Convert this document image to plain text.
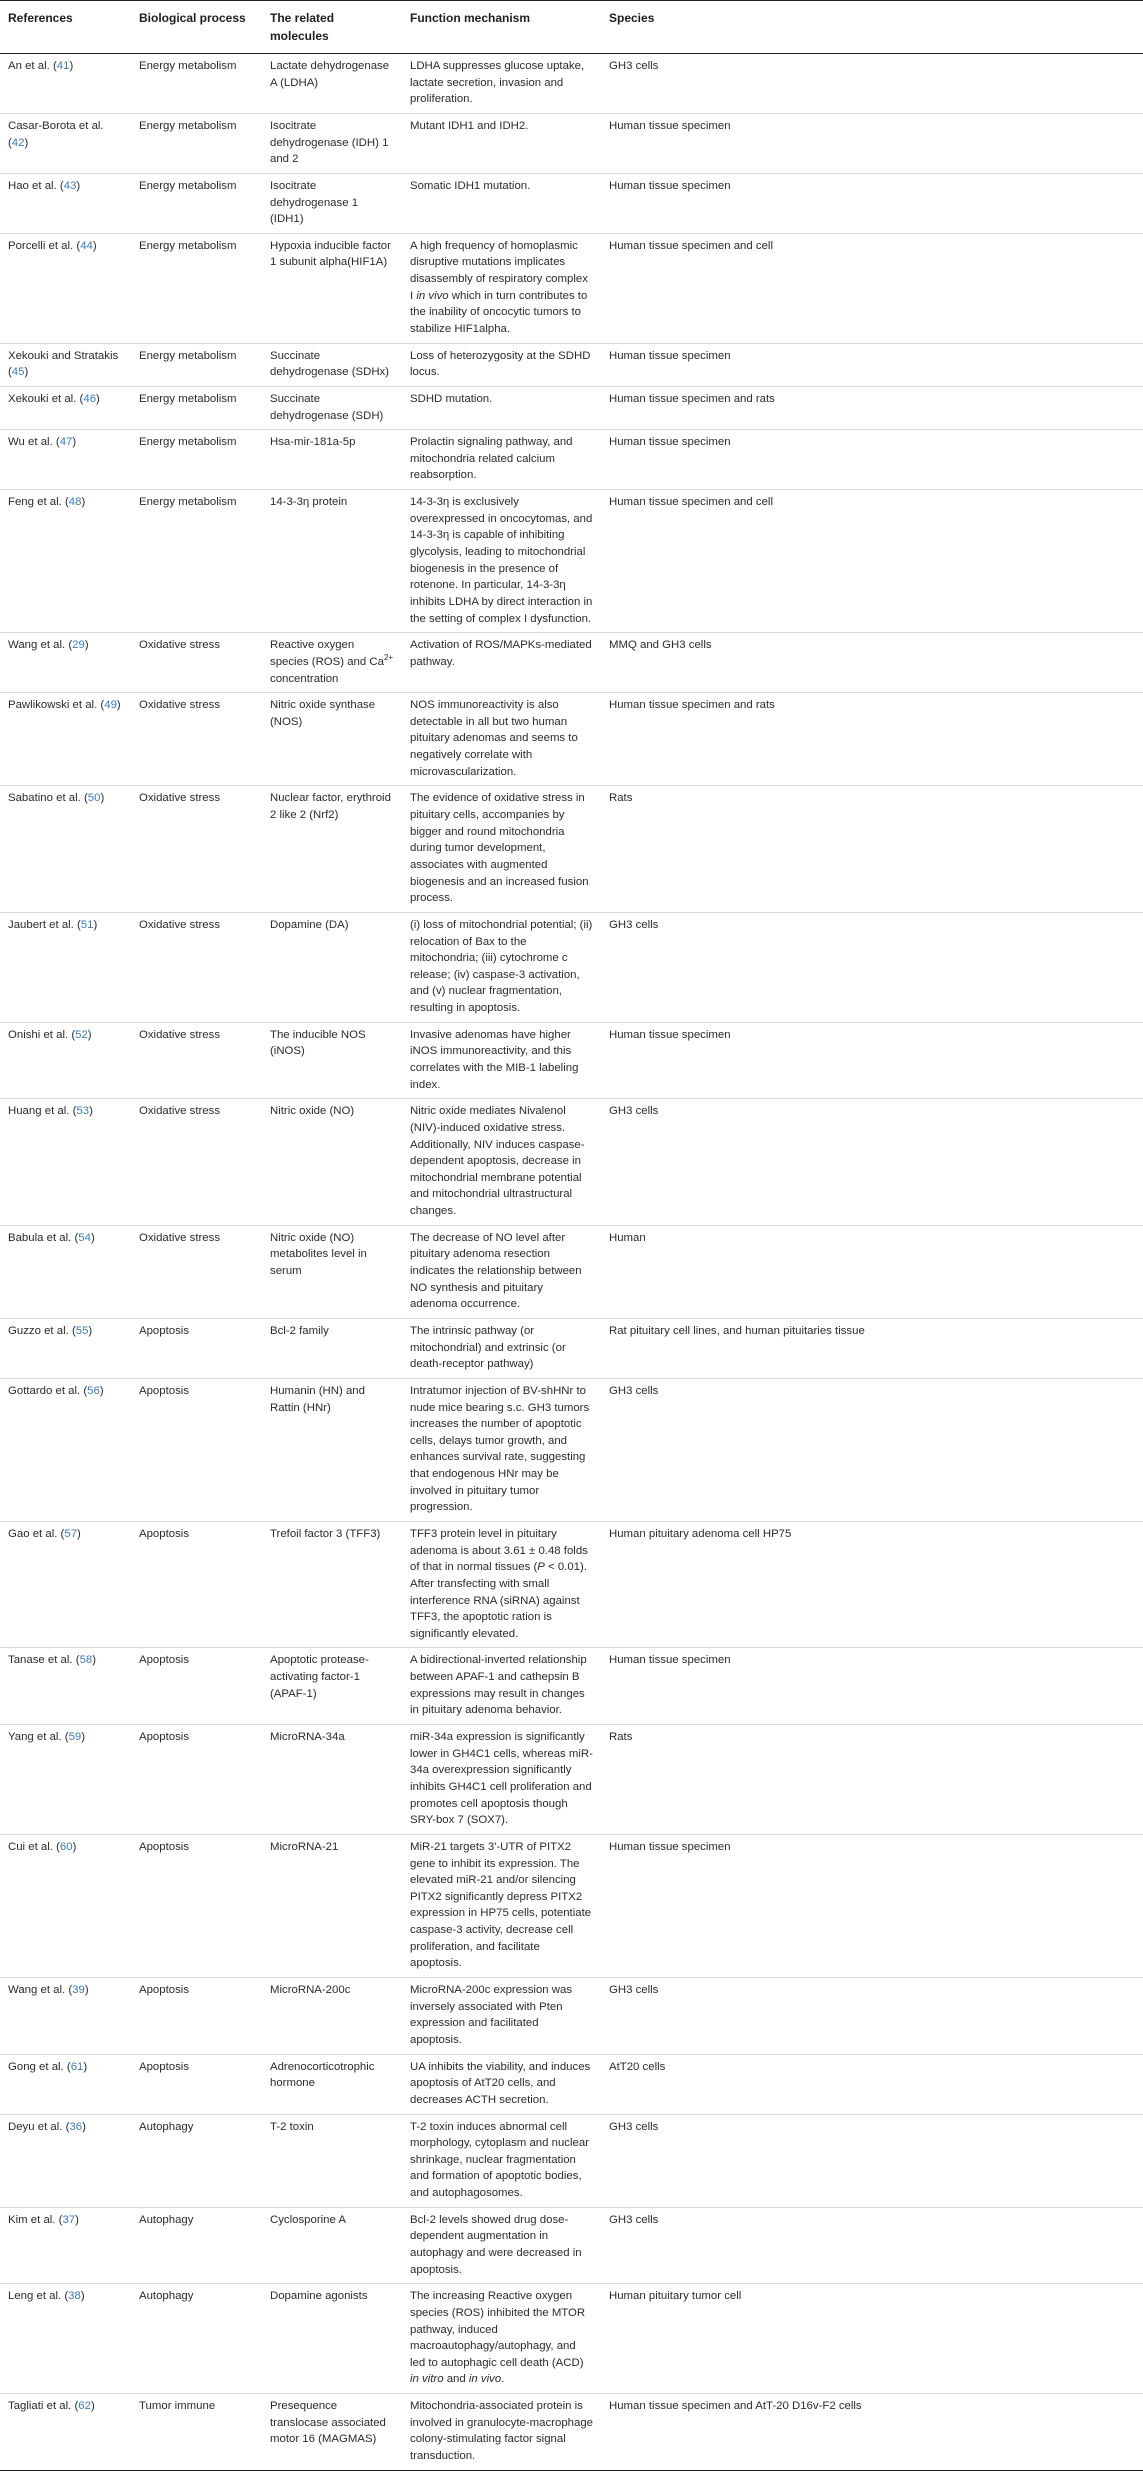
References	Biological process	The related molecules	Function mechanism	Species
An et al. (41)	Energy metabolism	Lactate dehydrogenase A (LDHA)	LDHA suppresses glucose uptake, lactate secretion, invasion and proliferation.	GH3 cells
Casar-Borota et al. (42)	Energy metabolism	Isocitrate dehydrogenase (IDH) 1 and 2	Mutant IDH1 and IDH2.	Human tissue specimen
Hao et al. (43)	Energy metabolism	Isocitrate dehydrogenase 1 (IDH1)	Somatic IDH1 mutation.	Human tissue specimen
Porcelli et al. (44)	Energy metabolism	Hypoxia inducible factor 1 subunit alpha(HIF1A)	A high frequency of homoplasmic disruptive mutations implicates disassembly of respiratory complex I in vivo which in turn contributes to the inability of oncocytic tumors to stabilize HIF1alpha.	Human tissue specimen and cell
Xekouki and Stratakis (45)	Energy metabolism	Succinate dehydrogenase (SDHx)	Loss of heterozygosity at the SDHD locus.	Human tissue specimen
Xekouki et al. (46)	Energy metabolism	Succinate dehydrogenase (SDH)	SDHD mutation.	Human tissue specimen and rats
Wu et al. (47)	Energy metabolism	Hsa-mir-181a-5p	Prolactin signaling pathway, and mitochondria related calcium reabsorption.	Human tissue specimen
Feng et al. (48)	Energy metabolism	14-3-3η protein	14-3-3η is exclusively overexpressed in oncocytomas, and 14-3-3η is capable of inhibiting glycolysis, leading to mitochondrial biogenesis in the presence of rotenone. In particular, 14-3-3η inhibits LDHA by direct interaction in the setting of complex I dysfunction.	Human tissue specimen and cell
Wang et al. (29)	Oxidative stress	Reactive oxygen species (ROS) and $Ca^{2+}$ concentration	Activation of ROS/MAPKs-mediated pathway.	MMQ and GH3 cells
Pawlikowski et al. (49)	Oxidative stress	Nitric oxide synthase (NOS)	NOS immunoreactivity is also detectable in all but two human pituitary adenomas and seems to negatively correlate with microvascularization.	Human tissue specimen and rats
Sabatino et al. (50)	Oxidative stress	Nuclear factor, erythroid 2 like 2 (Nrf2)	The evidence of oxidative stress in pituitary cells, accompanies by bigger and round mitochondria during tumor development, associates with augmented biogenesis and an increased fusion process.	Rats
Jaubert et al. (51)	Oxidative stress	Dopamine (DA)	(i) loss of mitochondrial potential; (ii) relocation of Bax to the mitochondria; (iii) cytochrome c release; (iv) caspase-3 activation, and (v) nuclear fragmentation, resulting in apoptosis.	GH3 cells
Onishi et al. (52)	Oxidative stress	The inducible NOS (iNOS)	Invasive adenomas have higher iNOS immunoreactivity, and this correlates with the MIB-1 labeling index.	Human tissue specimen
Huang et al. (53)	Oxidative stress	Nitric oxide (NO)	Nitric oxide mediates Nivalenol (NIV)-induced oxidative stress. Additionally, NIV induces caspase-dependent apoptosis, decrease in mitochondrial membrane potential and mitochondrial ultrastructural changes.	GH3 cells
Babula et al. (54)	Oxidative stress	Nitric oxide (NO) metabolites level in serum	The decrease of NO level after pituitary adenoma resection indicates the relationship between NO synthesis and pituitary adenoma occurrence.	Human
Guzzo et al. (55)	Apoptosis	Bcl-2 family	The intrinsic pathway (or mitochondrial) and extrinsic (or death-receptor pathway)	Rat pituitary cell lines, and human pituitaries tissue
Gottardo et al. (56)	Apoptosis	Humanin (HN) and Rattin (HNr)	Intratumor injection of BV-shHNr to nude mice bearing s.c. GH3 tumors increases the number of apoptotic cells, delays tumor growth, and enhances survival rate, suggesting that endogenous HNr may be involved in pituitary tumor progression.	GH3 cells
Gao et al. (57)	Apoptosis	Trefoil factor 3 (TFF3)	TFF3 protein level in pituitary adenoma is about 3.61 ± 0.48 folds of that in normal tissues (P < 0.01). After transfecting with small interference RNA (siRNA) against TFF3, the apoptotic ration is significantly elevated.	Human pituitary adenoma cell HP75
Tanase et al. (58)	Apoptosis	Apoptotic protease-activating factor-1 (APAF-1)	A bidirectional-inverted relationship between APAF-1 and cathepsin B expressions may result in changes in pituitary adenoma behavior.	Human tissue specimen
Yang et al. (59)	Apoptosis	MicroRNA-34a	miR-34a expression is significantly lower in GH4C1 cells, whereas miR-34a overexpression significantly inhibits GH4C1 cell proliferation and promotes cell apoptosis though SRY-box 7 (SOX7).	Rats
Cui et al. (60)	Apoptosis	MicroRNA-21	MiR-21 targets 3'-UTR of PITX2 gene to inhibit its expression. The elevated miR-21 and/or silencing PITX2 significantly depress PITX2 expression in HP75 cells, potentiate caspase-3 activity, decrease cell proliferation, and facilitate apoptosis.	Human tissue specimen
Wang et al. (39)	Apoptosis	MicroRNA-200c	MicroRNA-200c expression was inversely associated with Pten expression and facilitated apoptosis.	GH3 cells
Gong et al. (61)	Apoptosis	Adrenocorticotrophic hormone	UA inhibits the viability, and induces apoptosis of AtT20 cells, and decreases ACTH secretion.	AtT20 cells
Deyu et al. (36)	Autophagy	T-2 toxin	T-2 toxin induces abnormal cell morphology, cytoplasm and nuclear shrinkage, nuclear fragmentation and formation of apoptotic bodies, and autophagosomes.	GH3 cells
Kim et al. (37)	Autophagy	Cyclosporine A	Bcl-2 levels showed drug dose-dependent augmentation in autophagy and were decreased in apoptosis.	GH3 cells
Leng et al. (38)	Autophagy	Dopamine agonists	The increasing Reactive oxygen species (ROS) inhibited the MTOR pathway, induced macroautophagy/autophagy, and led to autophagic cell death (ACD) in vitro and in vivo.	Human pituitary tumor cell
Tagliati et al. (62)	Tumor immune	Presequence translocase associated motor 16 (MAGMAS)	Mitochondria-associated protein is involved in granulocyte-macrophage colony-stimulating factor signal transduction.	Human tissue specimen and AtT-20 D16v-F2 cells
